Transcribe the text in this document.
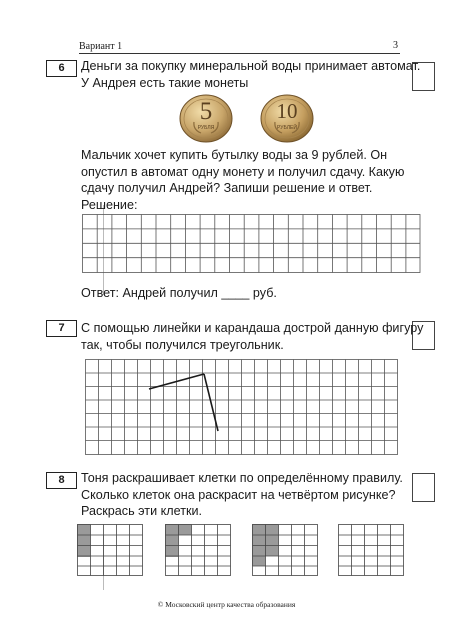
Вариант 1	3
6	Деньги за покупку минеральной воды принимает автомат.
У Андрея есть такие монеты
5
РУБЛЯ
10
РУБЛЕЙ
Мальчик хочет купить бутылку воды за 9 рублей. Он
опустил в автомат одну монету и получил сдачу. Какую
сдачу получил Андрей? Запиши решение и ответ.
Решение:
Ответ: Андрей получил ____ руб.
7	С помощью линейки и карандаша дострой данную фигуру
так, чтобы получился треугольник.
8	Тоня раскрашивает клетки по определённому правилу.
Сколько клеток она раскрасит на четвёртом рисунке?
Раскрась эти клетки.
© Московский центр качества образования
